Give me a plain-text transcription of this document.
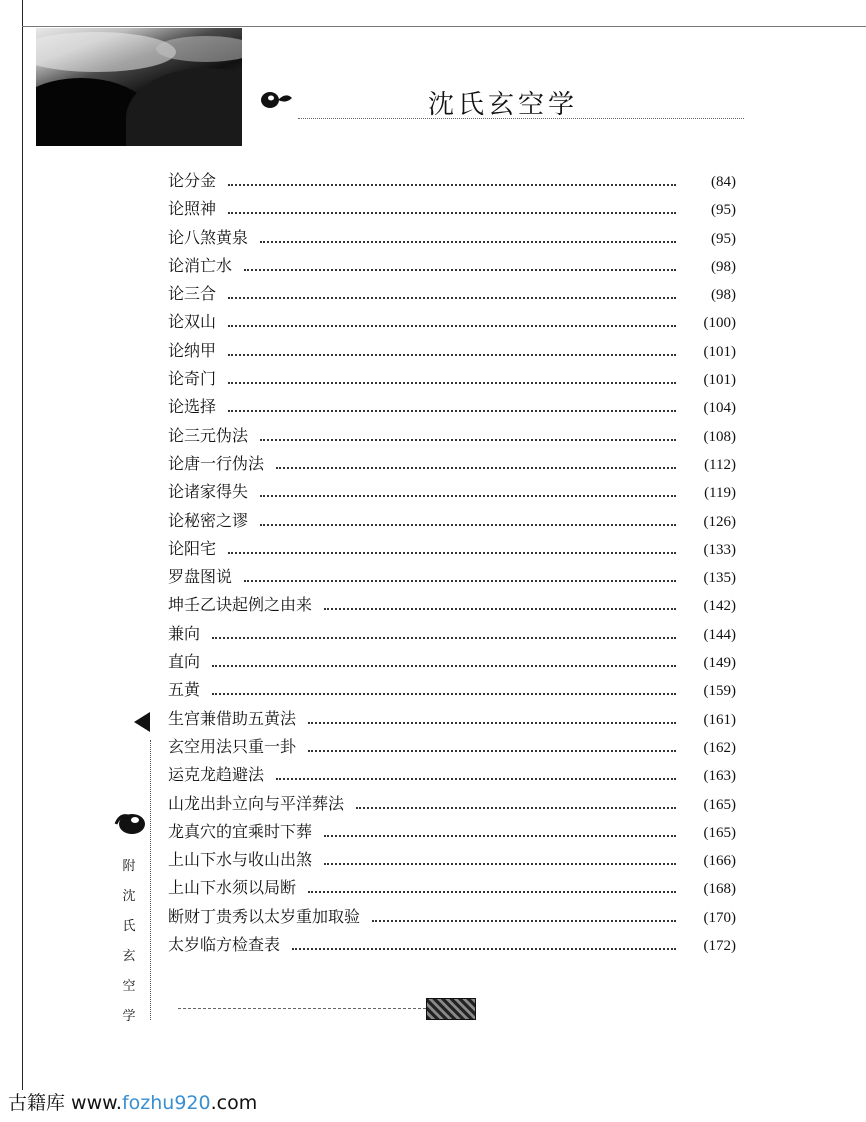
沈氏玄空学
论分金	(84)
论照神	(95)
论八煞黄泉	(95)
论消亡水	(98)
论三合	(98)
论双山	(100)
论纳甲	(101)
论奇门	(101)
论选择	(104)
论三元伪法	(108)
论唐一行伪法	(112)
论诸家得失	(119)
论秘密之谬	(126)
论阳宅	(133)
罗盘图说	(135)
坤壬乙诀起例之由来	(142)
兼向	(144)
直向	(149)
五黄	(159)
生宫兼借助五黄法	(161)
玄空用法只重一卦	(162)
运克龙趋避法	(163)
山龙出卦立向与平洋葬法	(165)
龙真穴的宜乘时下葬	(165)
上山下水与收山出煞	(166)
上山下水须以局断	(168)
断财丁贵秀以太岁重加取验	(170)
太岁临方检查表	(172)
附
沈
氏
玄
空
学
古籍库 www.fozhu920.com
